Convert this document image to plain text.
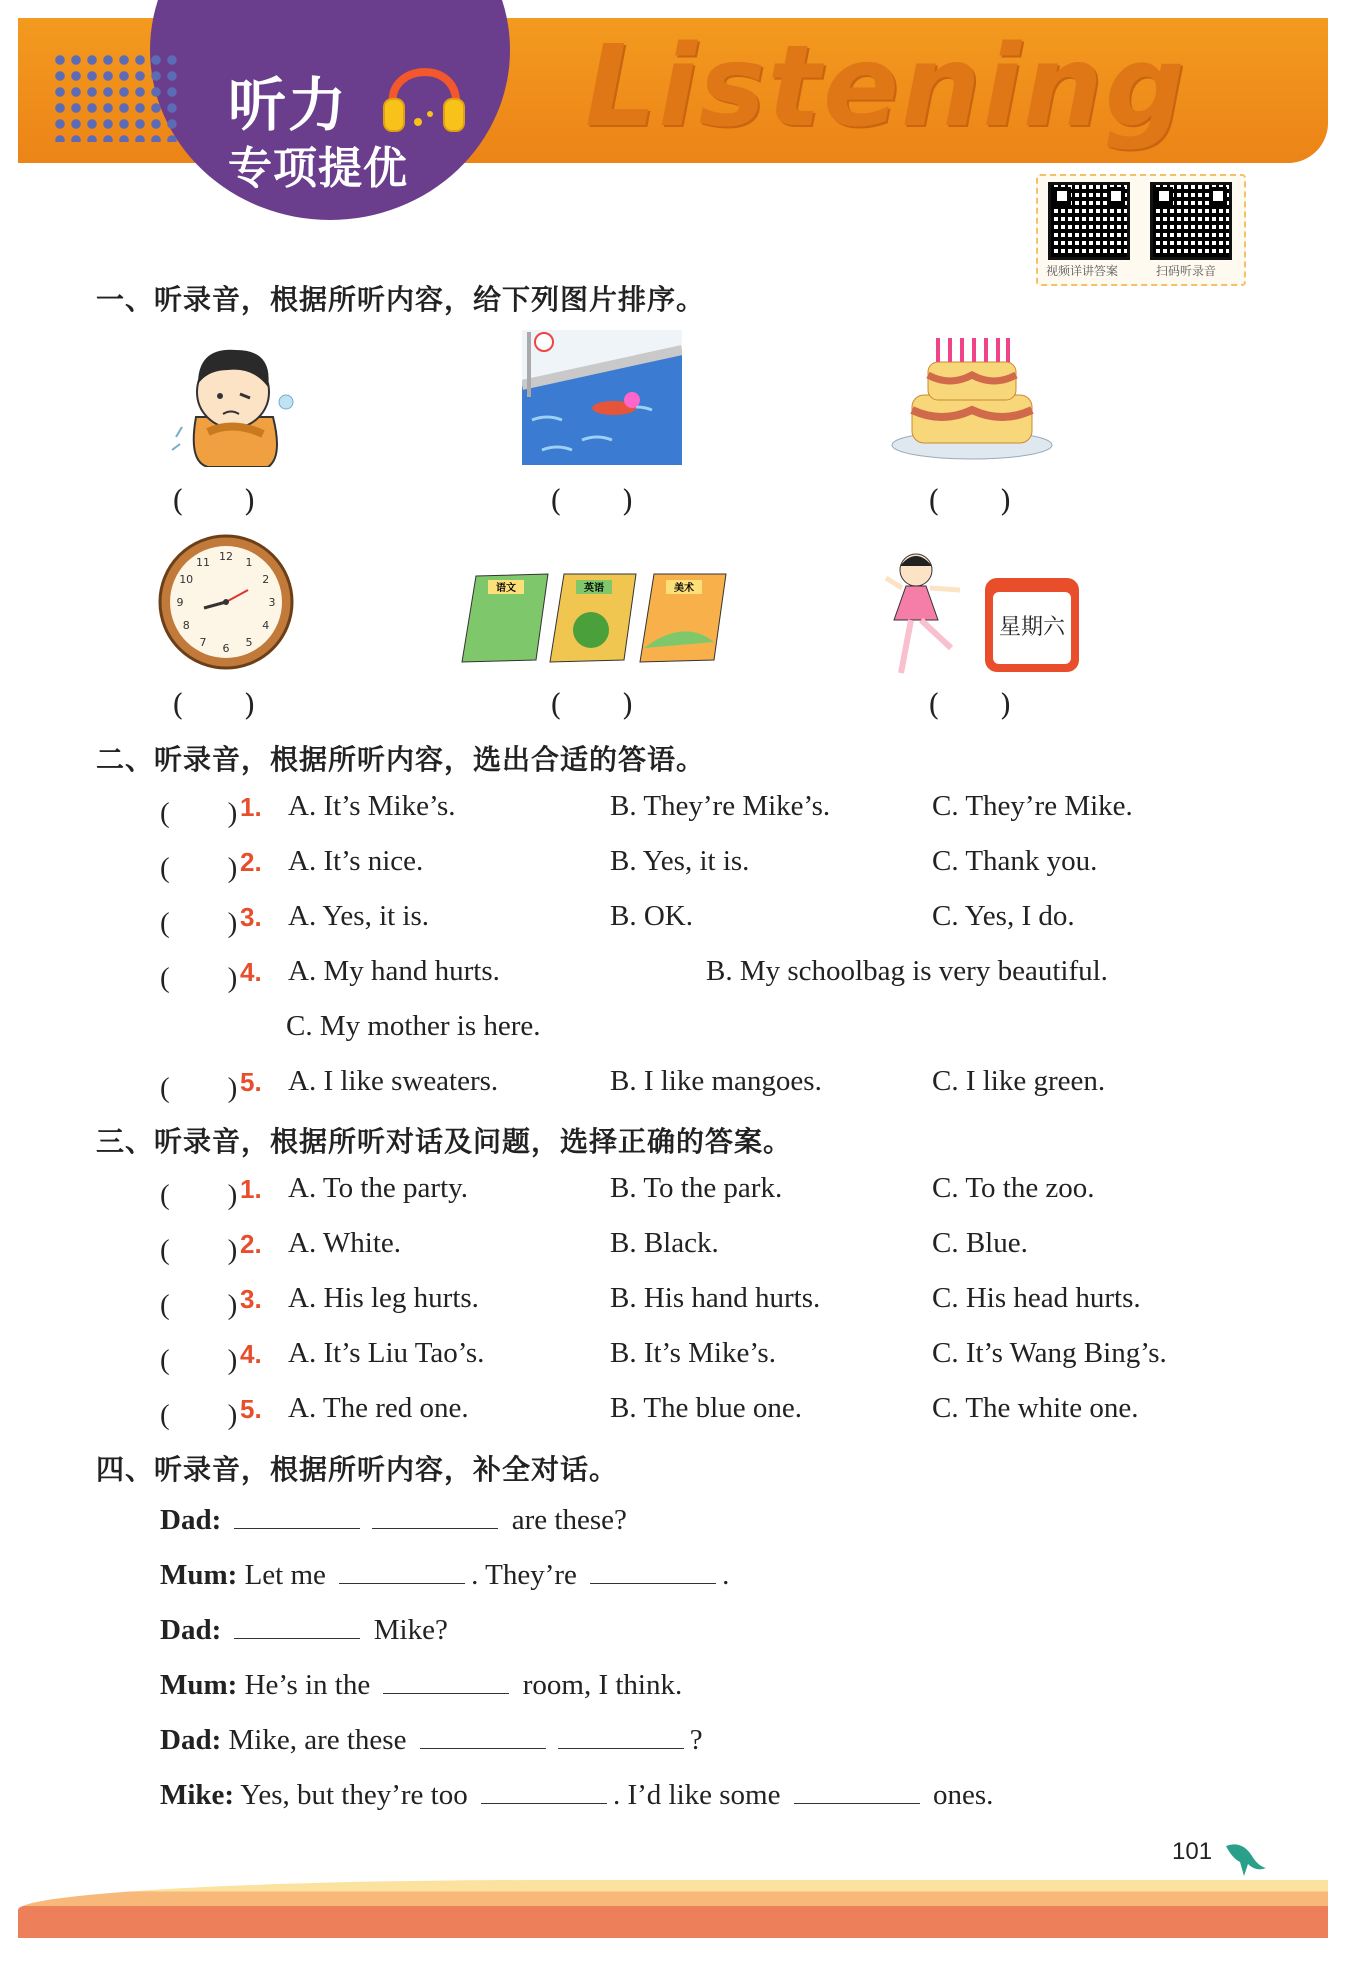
听力
专项提优
Listening
视频详讲答案	扫码听录音
一、听录音，根据所听内容，给下列图片排序。
(　　)	(　　)	(　　)
12 1
2
3
4
5
6
7
8
9
10
11
语文	英语	美术
星期六
(　　)	(　　)	(　　)
二、听录音，根据所听内容，选出合适的答语。
(　　) 1. A. It’s Mike’s.	B. They’re Mike’s.	C. They’re Mike.
(　　) 2. A. It’s nice.	B. Yes, it is.	C. Thank you.
(　　) 3. A. Yes, it is.	B. OK.	C. Yes, I do.
(　　) 4. A. My hand hurts.	B. My schoolbag is very beautiful.
C. My mother is here.
(　　) 5. A. I like sweaters.	B. I like mangoes.	C. I like green.
三、听录音，根据所听对话及问题，选择正确的答案。
(　　) 1. A. To the party.	B. To the park.	C. To the zoo.
(　　) 2. A. White.	B. Black.	C. Blue.
(　　) 3. A. His leg hurts.	B. His hand hurts.	C. His head hurts.
(　　) 4. A. It’s Liu Tao’s.	B. It’s Mike’s.	C. It’s Wang Bing’s.
(　　) 5. A. The red one.	B. The blue one.	C. The white one.
四、听录音，根据所听内容，补全对话。
Dad:	are these?
Mum: Let me	. They’re	.
Dad:	Mike?
Mum: He’s in the	room, I think.
Dad: Mike, are these	?
Mike: Yes, but they’re too	. I’d like some	ones.
101
